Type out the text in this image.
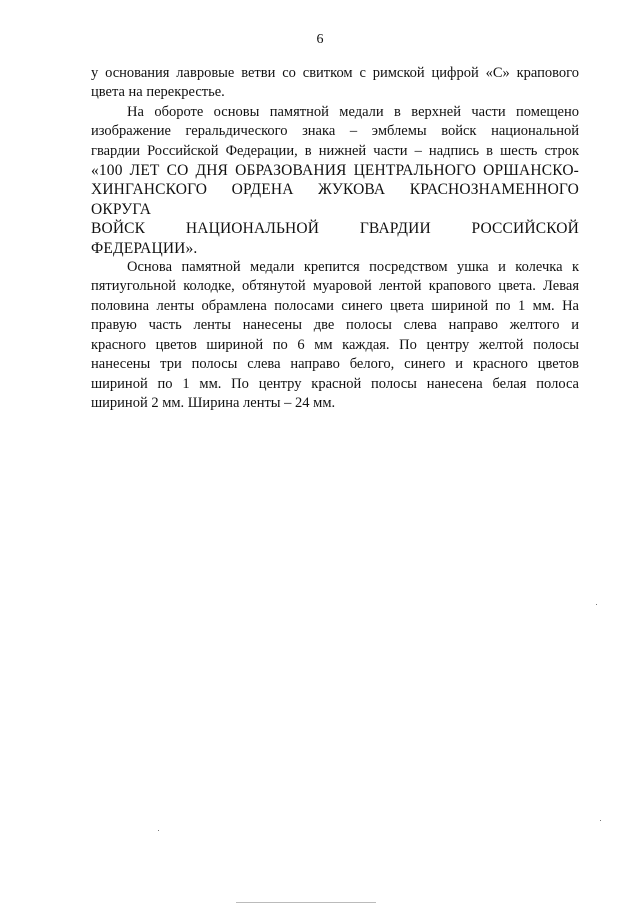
6

у основания лавровые ветви со свитком с римской цифрой «С» крапового
цвета на перекрестье.

На обороте основы памятной медали в верхней части помещено
изображение геральдического знака – эмблемы войск национальной
гвардии Российской Федерации, в нижней части – надпись в шесть строк
«100 ЛЕТ СО ДНЯ ОБРАЗОВАНИЯ ЦЕНТРАЛЬНОГО ОРШАНСКО-
ХИНГАНСКОГО ОРДЕНА ЖУКОВА КРАСНОЗНАМЕННОГО ОКРУГА
ВОЙСК НАЦИОНАЛЬНОЙ ГВАРДИИ РОССИЙСКОЙ ФЕДЕРАЦИИ».

Основа памятной медали крепится посредством ушка и колечка к
пятиугольной колодке, обтянутой муаровой лентой крапового цвета. Левая
половина ленты обрамлена полосами синего цвета шириной по 1 мм. На
правую часть ленты нанесены две полосы слева направо желтого и
красного цветов шириной по 6 мм каждая. По центру желтой полосы
нанесены три полосы слева направо белого, синего и красного цветов
шириной по 1 мм. По центру красной полосы нанесена белая полоса
шириной 2 мм. Ширина ленты – 24 мм.
